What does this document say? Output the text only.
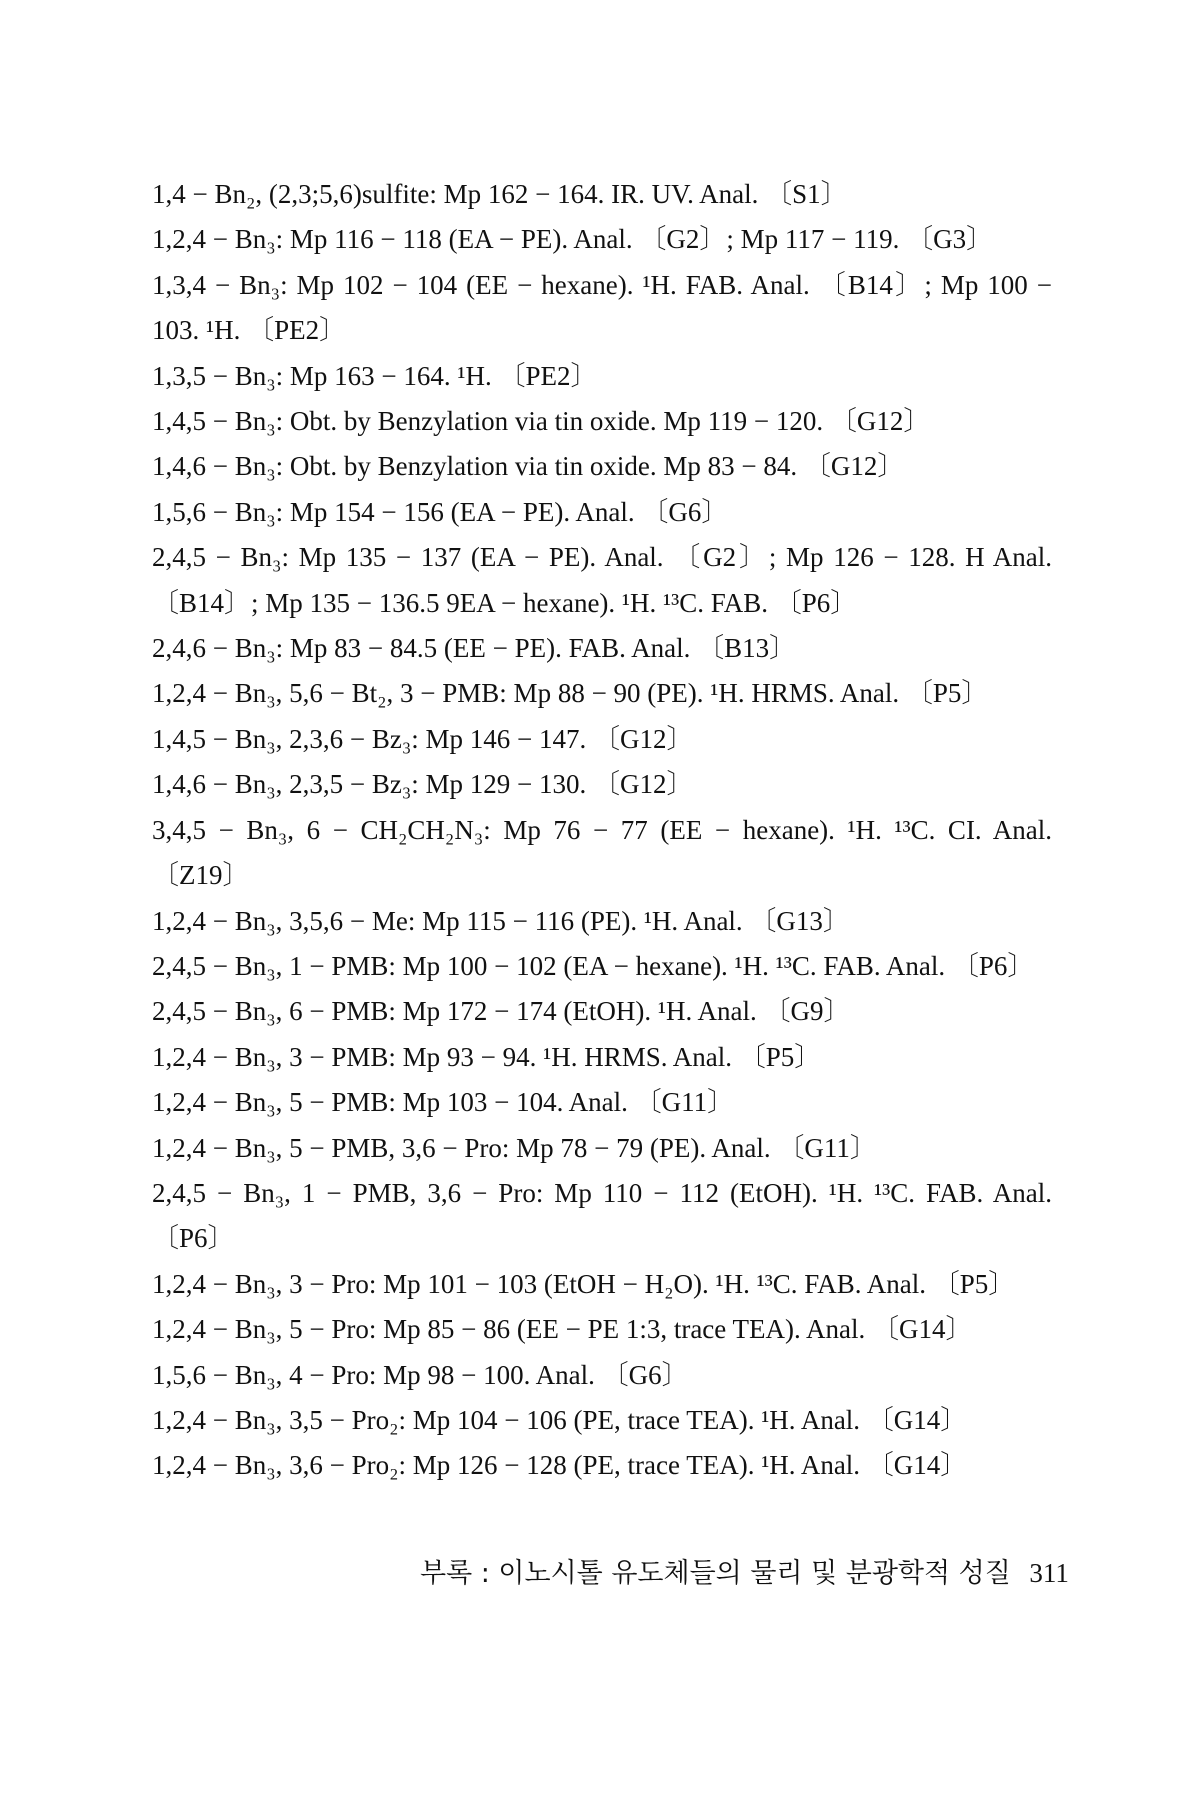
1,4 − Bn₂, (2,3;5,6)sulfite: Mp 162 − 164. IR. UV. Anal. 〔S1〕

1,2,4 − Bn₃: Mp 116 − 118 (EA − PE). Anal. 〔G2〕; Mp 117 − 119. 〔G3〕

1,3,4 − Bn₃: Mp 102 − 104 (EE − hexane). ¹H. FAB. Anal. 〔B14〕; Mp 100 −
103. ¹H. 〔PE2〕

1,3,5 − Bn₃: Mp 163 − 164. ¹H. 〔PE2〕

1,4,5 − Bn₃: Obt. by Benzylation via tin oxide. Mp 119 − 120. 〔G12〕

1,4,6 − Bn₃: Obt. by Benzylation via tin oxide. Mp 83 − 84. 〔G12〕

1,5,6 − Bn₃: Mp 154 − 156 (EA − PE). Anal. 〔G6〕

2,4,5 − Bn₃: Mp 135 − 137 (EA − PE). Anal. 〔G2〕; Mp 126 − 128. H Anal.
〔B14〕; Mp 135 − 136.5 9EA − hexane). ¹H. ¹³C. FAB. 〔P6〕

2,4,6 − Bn₃: Mp 83 − 84.5 (EE − PE). FAB. Anal. 〔B13〕

1,2,4 − Bn₃, 5,6 − Bt₂, 3 − PMB: Mp 88 − 90 (PE). ¹H. HRMS. Anal. 〔P5〕

1,4,5 − Bn₃, 2,3,6 − Bz₃: Mp 146 − 147. 〔G12〕

1,4,6 − Bn₃, 2,3,5 − Bz₃: Mp 129 − 130. 〔G12〕

3,4,5 − Bn₃, 6 − CH₂CH₂N₃: Mp 76 − 77 (EE − hexane). ¹H. ¹³C. CI. Anal.
〔Z19〕

1,2,4 − Bn₃, 3,5,6 − Me: Mp 115 − 116 (PE). ¹H. Anal. 〔G13〕

2,4,5 − Bn₃, 1 − PMB: Mp 100 − 102 (EA − hexane). ¹H. ¹³C. FAB. Anal. 〔P6〕

2,4,5 − Bn₃, 6 − PMB: Mp 172 − 174 (EtOH). ¹H. Anal. 〔G9〕

1,2,4 − Bn₃, 3 − PMB: Mp 93 − 94. ¹H. HRMS. Anal. 〔P5〕

1,2,4 − Bn₃, 5 − PMB: Mp 103 − 104. Anal. 〔G11〕

1,2,4 − Bn₃, 5 − PMB, 3,6 − Pro: Mp 78 − 79 (PE). Anal. 〔G11〕

2,4,5 − Bn₃, 1 − PMB, 3,6 − Pro: Mp 110 − 112 (EtOH). ¹H. ¹³C. FAB. Anal.
〔P6〕

1,2,4 − Bn₃, 3 − Pro: Mp 101 − 103 (EtOH − H₂O). ¹H. ¹³C. FAB. Anal. 〔P5〕

1,2,4 − Bn₃, 5 − Pro: Mp 85 − 86 (EE − PE 1:3, trace TEA). Anal. 〔G14〕

1,5,6 − Bn₃, 4 − Pro: Mp 98 − 100. Anal. 〔G6〕

1,2,4 − Bn₃, 3,5 − Pro₂: Mp 104 − 106 (PE, trace TEA). ¹H. Anal. 〔G14〕

1,2,4 − Bn₃, 3,6 − Pro₂: Mp 126 − 128 (PE, trace TEA). ¹H. Anal. 〔G14〕

부록 : 이노시톨 유도체들의 물리 및 분광학적 성질 311
